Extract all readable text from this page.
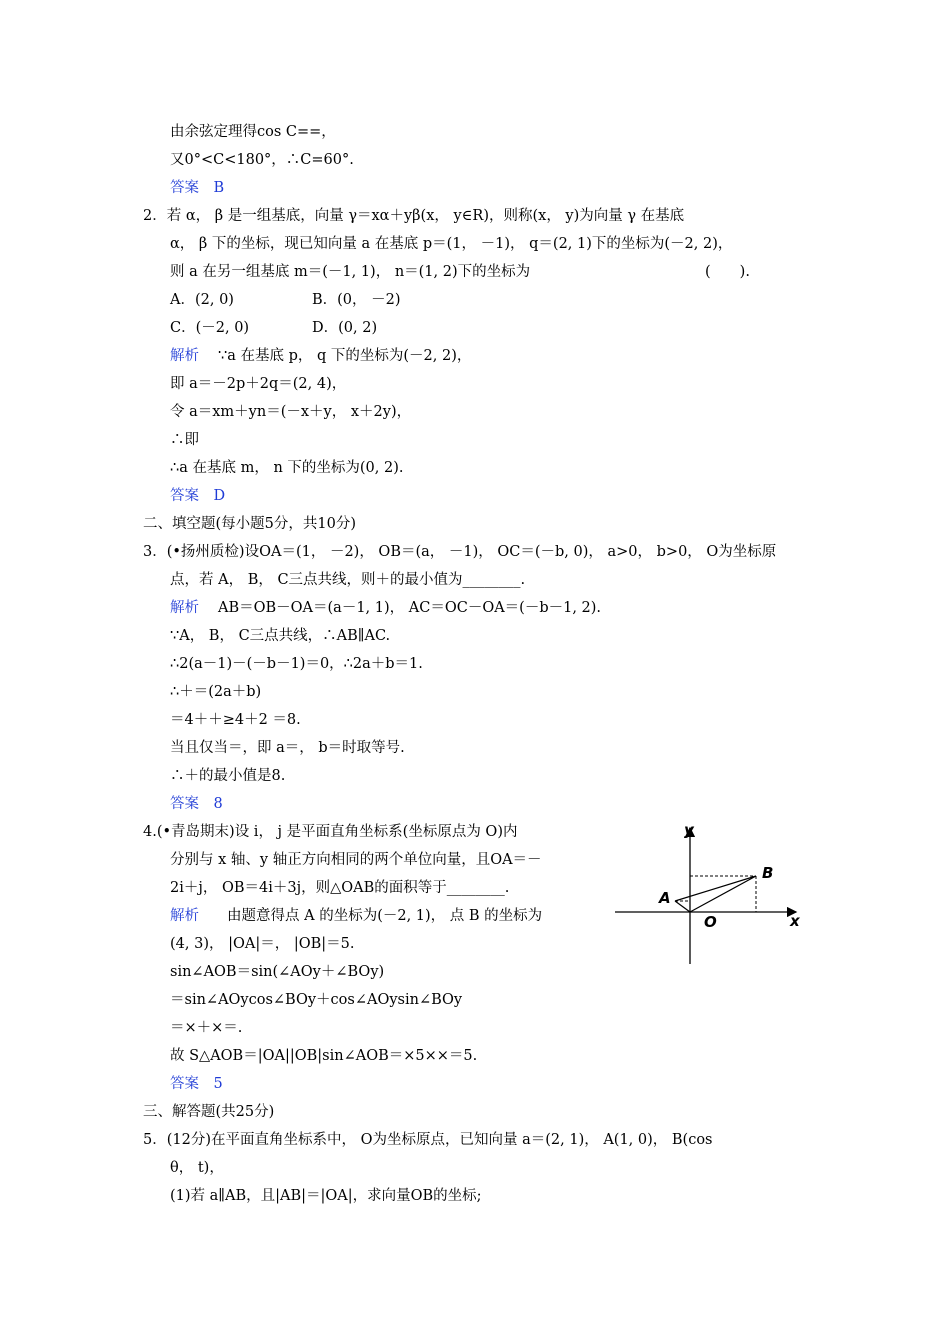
由余弦定理得cos C==，
又0°<C<180°，∴C=60°.
答案　B
2．若 α， β 是一组基底，向量 γ＝xα＋yβ(x， y∈R)，则称(x， y)为向量 γ 在基底
α， β 下的坐标，现已知向量 a 在基底 p＝(1， －1)， q＝(2, 1)下的坐标为(－2, 2)，
则 a 在另一组基底 m＝(－1, 1)， n＝(1, 2)下的坐标为	(　　).
A．(2, 0)	B．(0， －2)
C．(－2, 0)	D．(0, 2)
解析 ∵a 在基底 p， q 下的坐标为(－2, 2)，
即 a＝－2p＋2q＝(2, 4)，
令 a＝xm＋yn＝(－x＋y， x＋2y)，
∴即
∴a 在基底 m， n 下的坐标为(0, 2).
答案　D
二、填空题(每小题5分，共10分)
3．(•扬州质检)设OA＝(1， －2)， OB＝(a， －1)， OC＝(－b, 0)， a>0， b>0， O为坐标原
点，若 A， B， C三点共线，则＋的最小值为________.
解析 AB＝OB－OA＝(a－1, 1)， AC＝OC－OA＝(－b－1, 2).
∵A， B， C三点共线，∴AB∥AC.
∴2(a－1)－(－b－1)＝0，∴2a＋b＝1.
∴＋＝(2a＋b)
＝4＋＋≥4＋2 ＝8.
当且仅当＝，即 a＝， b＝时取等号.
∴＋的最小值是8.
答案　8
4.(•青岛期末)设 i， j 是平面直角坐标系(坐标原点为 O)内
分别与 x 轴、y 轴正方向相同的两个单位向量，且OA＝－
2i＋j， OB＝4i＋3j，则△OAB的面积等于________.
解析 由题意得点 A 的坐标为(－2, 1)， 点 B 的坐标为
(4, 3)， |OA|＝， |OB|＝5.
sin∠AOB＝sin(∠AOy＋∠BOy)
＝sin∠AOycos∠BOy＋cos∠AOysin∠BOy
＝×＋×＝.
故 S△AOB＝|OA||OB|sin∠AOB＝×5××＝5.
答案　5
三、解答题(共25分)
5．(12分)在平面直角坐标系中， O为坐标原点，已知向量 a＝(2, 1)， A(1, 0)， B(cos
θ， t)，
(1)若 a∥AB，且|AB|＝|OA|，求向量OB的坐标;
y
x
O
A
B
